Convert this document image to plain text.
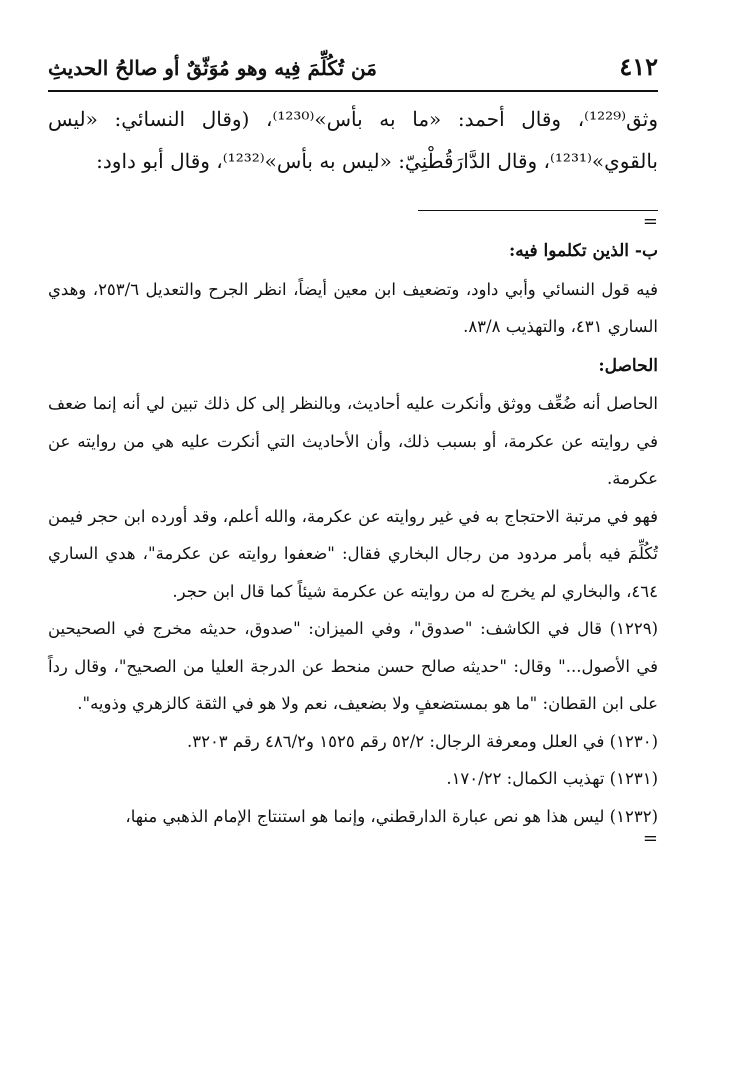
٤١٢
مَن تُكُلِّمَ فِيه وهو مُوَثّقٌ أو صالحُ الحديثِ

وثق⁽¹²²⁹⁾، وقال أحمد: «ما به بأس»⁽¹²³⁰⁾، (وقال النسائي: «ليس بالقوي»⁽¹²³¹⁾، وقال الدَّارَقُطْنِيّ: «ليس به بأس»⁽¹²³²⁾، وقال أبو داود:

=
ب- الذين تكلموا فيه:

فيه قول النسائي وأبي داود، وتضعيف ابن معين أيضاً، انظر الجرح والتعديل ٢٥٣/٦، وهدي الساري ٤٣١، والتهذيب ٨٣/٨.

الحاصل:

الحاصل أنه ضُعِّف ووثق وأنكرت عليه أحاديث، وبالنظر إلى كل ذلك تبين لي أنه إنما ضعف في روايته عن عكرمة، أو بسبب ذلك، وأن الأحاديث التي أنكرت عليه هي من روايته عن عكرمة.

فهو في مرتبة الاحتجاج به في غير روايته عن عكرمة، والله أعلم، وقد أورده ابن حجر فيمن تُكُلِّمَ فيه بأمر مردود من رجال البخاري فقال: "ضعفوا روايته عن عكرمة"، هدي الساري ٤٦٤، والبخاري لم يخرج له من روايته عن عكرمة شيئاً كما قال ابن حجر.

(١٢٢٩) قال في الكاشف: "صدوق"، وفي الميزان: "صدوق، حديثه مخرج في الصحيحين في الأصول..." وقال: "حديثه صالح حسن منحط عن الدرجة العليا من الصحيح"، وقال رداً على ابن القطان: "ما هو بمستضعفٍ ولا بضعيف، نعم ولا هو في الثقة كالزهري وذويه".

(١٢٣٠) في العلل ومعرفة الرجال: ٥٢/٢ رقم ١٥٢٥ و٤٨٦/٢ رقم ٣٢٠٣.

(١٢٣١) تهذيب الكمال: ١٧٠/٢٢.

(١٢٣٢) ليس هذا هو نص عبارة الدارقطني، وإنما هو استنتاج الإمام الذهبي منها،

=
